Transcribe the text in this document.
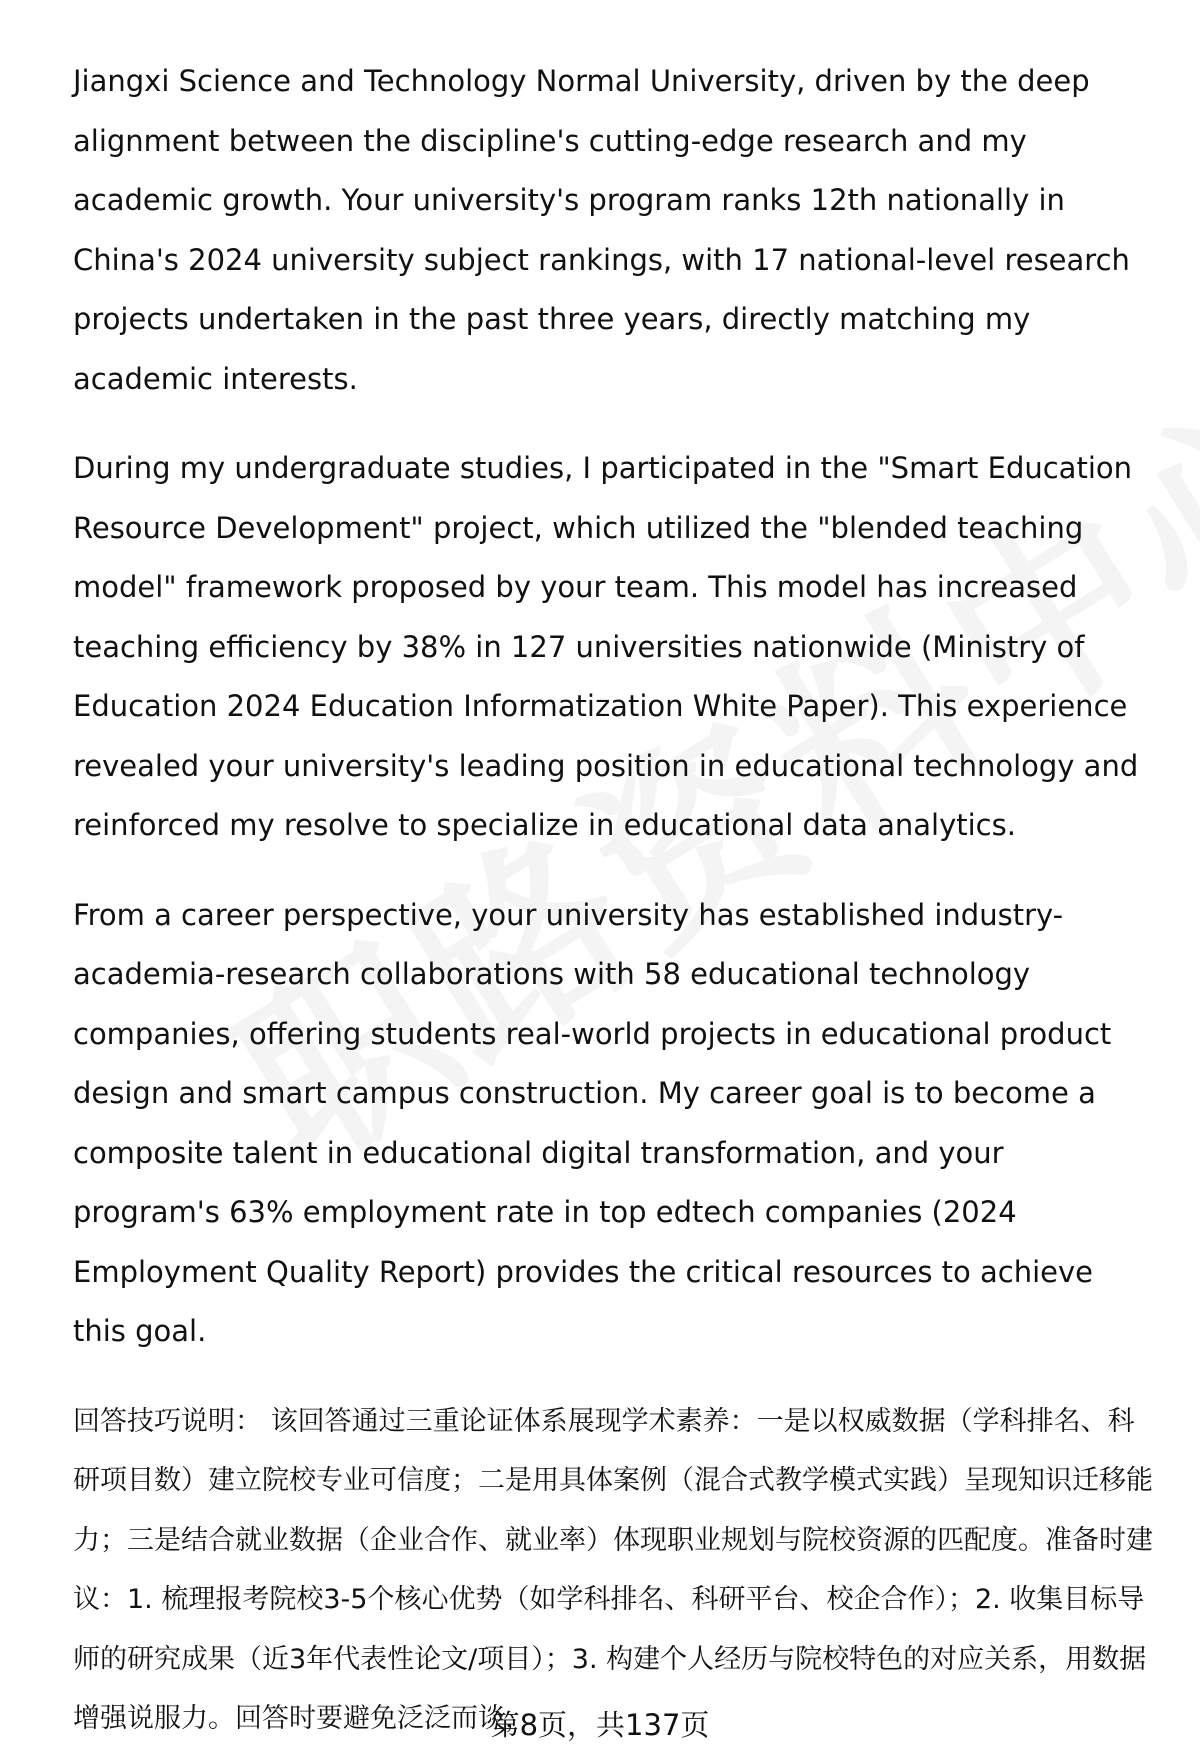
Jiangxi Science and Technology Normal University, driven by the deep alignment between the discipline's cutting-edge research and my academic growth. Your university's program ranks 12th nationally in China's 2024 university subject rankings, with 17 national-level research projects undertaken in the past three years, directly matching my academic interests.

During my undergraduate studies, I participated in the "Smart Education Resource Development" project, which utilized the "blended teaching model" framework proposed by your team. This model has increased teaching efficiency by 38% in 127 universities nationwide (Ministry of Education 2024 Education Informatization White Paper). This experience revealed your university's leading position in educational technology and reinforced my resolve to specialize in educational data analytics.

From a career perspective, your university has established industry-academia-research collaborations with 58 educational technology companies, offering students real-world projects in educational product design and smart campus construction. My career goal is to become a composite talent in educational digital transformation, and your program's 63% employment rate in top edtech companies (2024 Employment Quality Report) provides the critical resources to achieve this goal.

回答技巧说明： 该回答通过三重论证体系展现学术素养：一是以权威数据（学科排名、科研项目数）建立院校专业可信度；二是用具体案例（混合式教学模式实践）呈现知识迁移能力；三是结合就业数据（企业合作、就业率）体现职业规划与院校资源的匹配度。准备时建议：1. 梳理报考院校3-5个核心优势（如学科排名、科研平台、校企合作）；2. 收集目标导师的研究成果（近3年代表性论文/项目）；3. 构建个人经历与院校特色的对应关系，用数据增强说服力。回答时要避免泛泛而谈，

第8页，共137页
